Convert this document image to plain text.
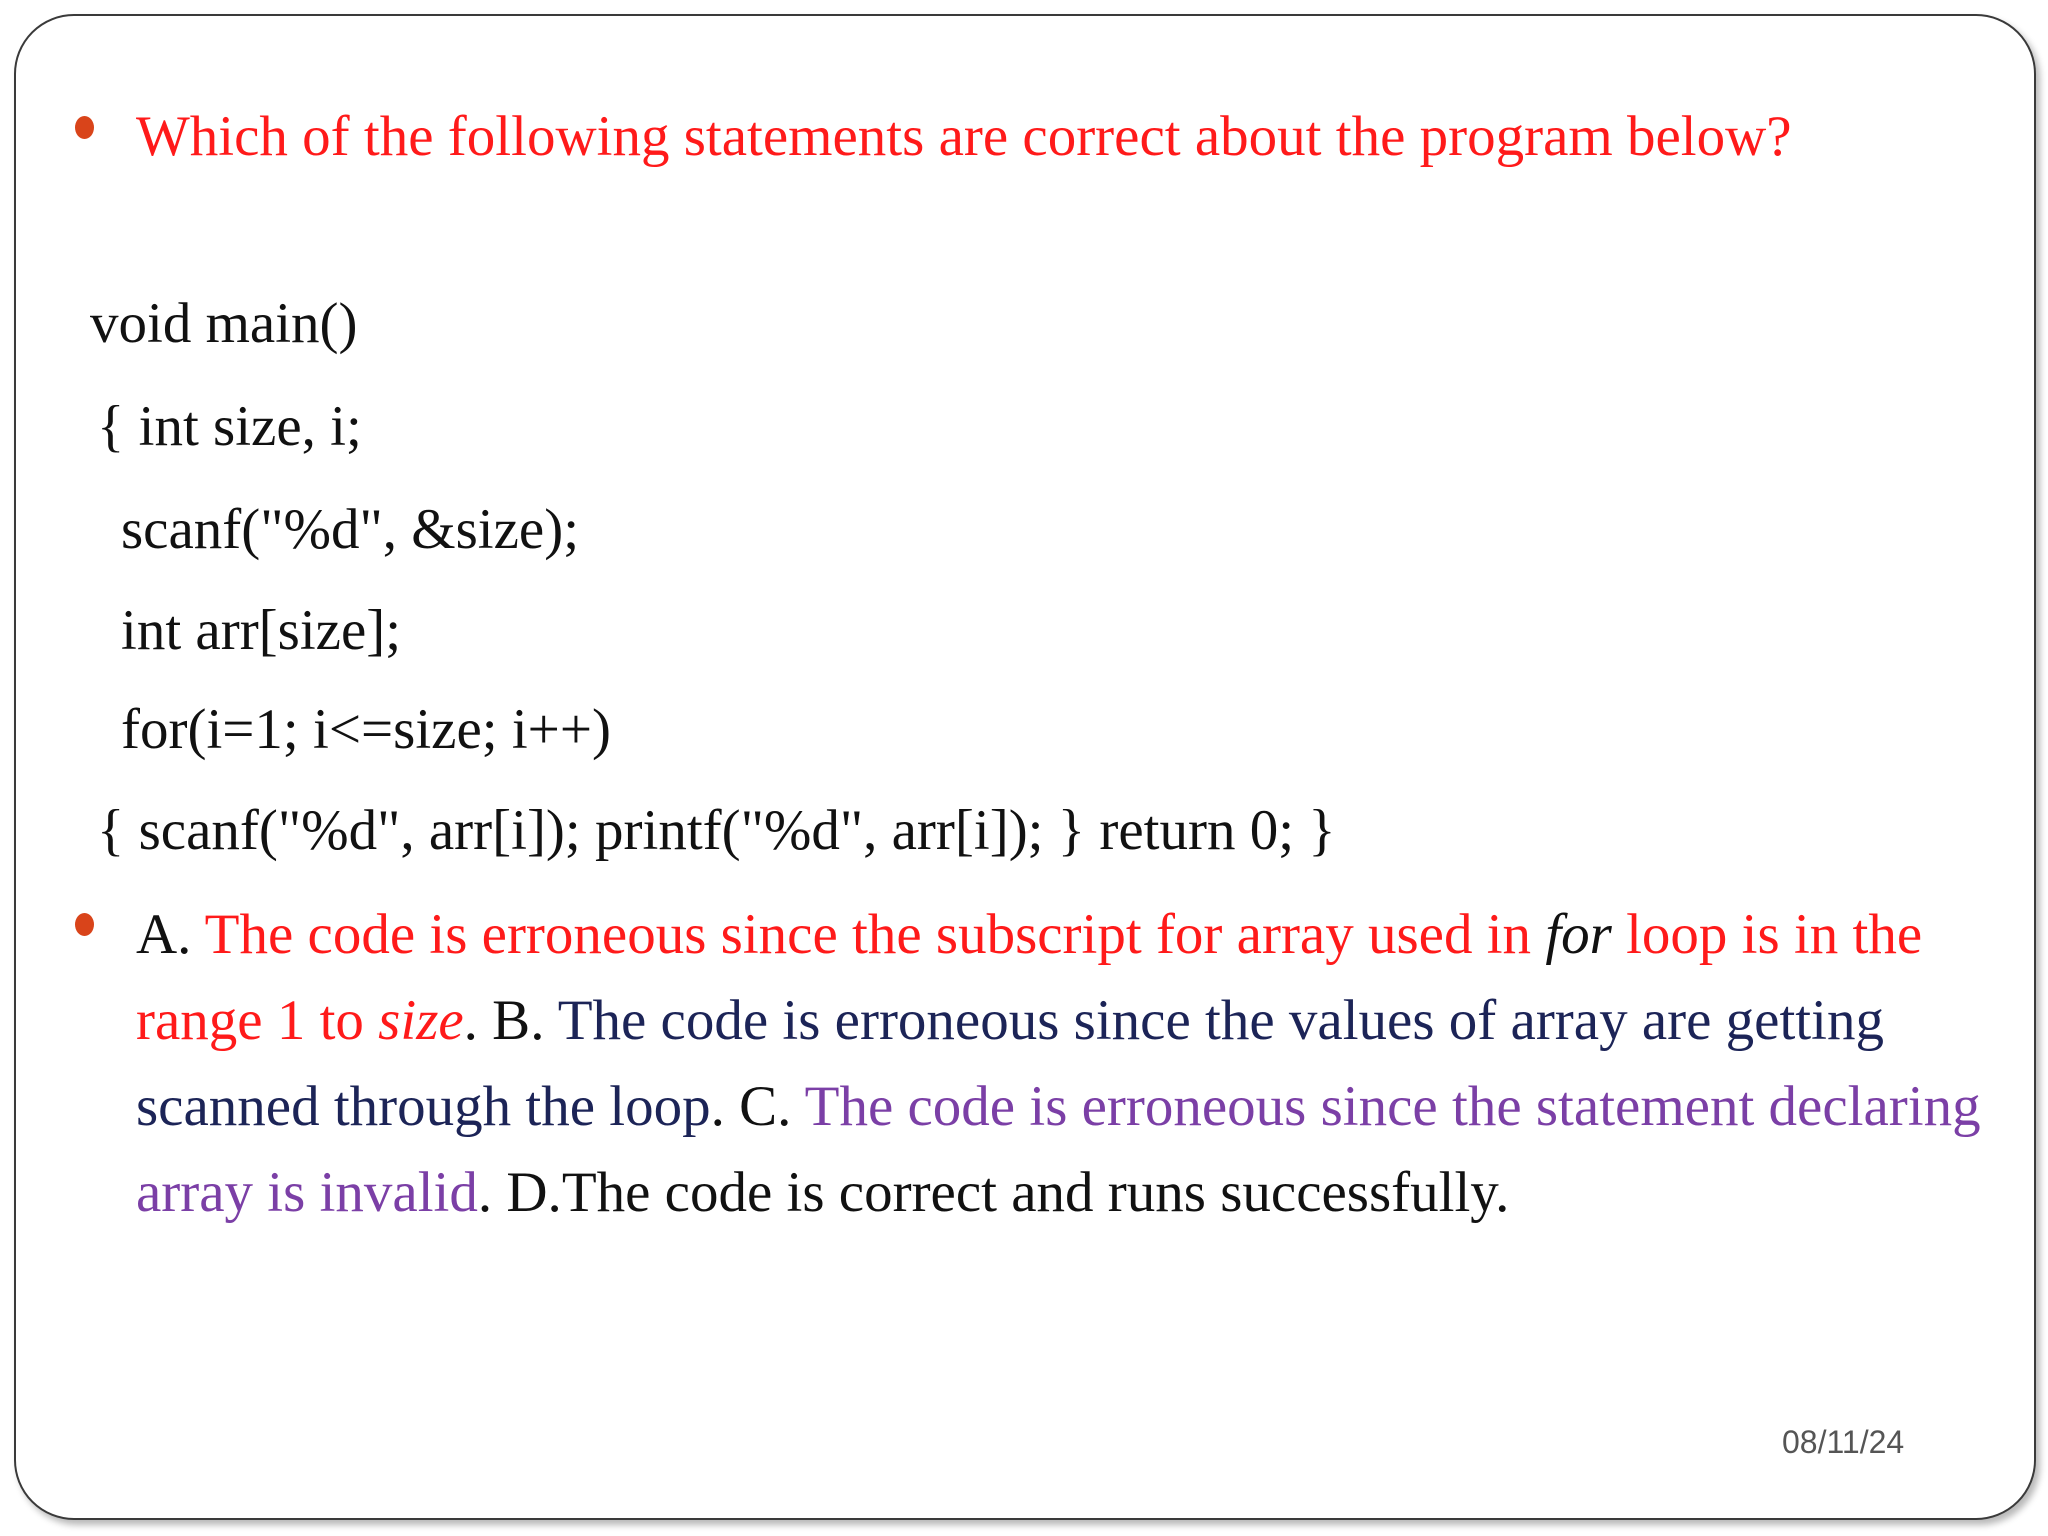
Which of the following statements are correct about the program below?

void main()
{ int size, i;
scanf("%d", &size);
int arr[size];
for(i=1; i<=size; i++)
{ scanf("%d", arr[i]); printf("%d", arr[i]); } return 0; }

A. The code is erroneous since the subscript for array used in for loop is in the range 1 to size. B. The code is erroneous since the values of array are getting scanned through the loop. C. The code is erroneous since the statement declaring array is invalid. D.The code is correct and runs successfully.

08/11/24
